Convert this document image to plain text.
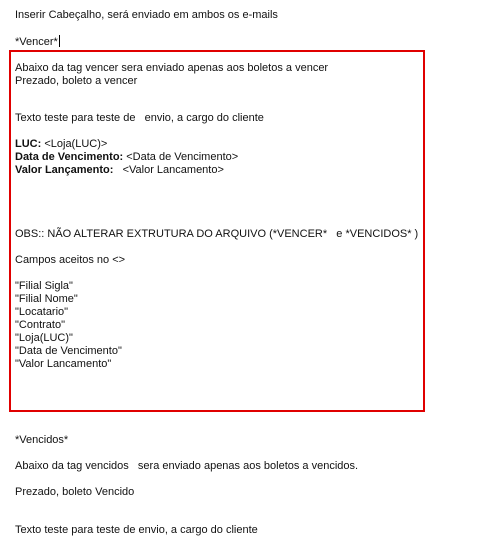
Inserir Cabeçalho, será enviado em ambos os e-mails
*Vencer*
Abaixo da tag vencer sera enviado apenas aos boletos a vencer
Prezado, boleto a vencer
Texto teste para teste de   envio, a cargo do cliente
LUC: <Loja(LUC)>
Data de Vencimento: <Data de Vencimento>
Valor Lançamento:   <Valor Lancamento>
OBS:: NÃO ALTERAR EXTRUTURA DO ARQUIVO (*VENCER*   e *VENCIDOS* )
Campos aceitos no <>
"Filial Sigla"
"Filial Nome"
"Locatario"
"Contrato"
"Loja(LUC)"
"Data de Vencimento"
"Valor Lancamento"
*Vencidos*
Abaixo da tag vencidos   sera enviado apenas aos boletos a vencidos.
Prezado, boleto Vencido
Texto teste para teste de envio, a cargo do cliente
